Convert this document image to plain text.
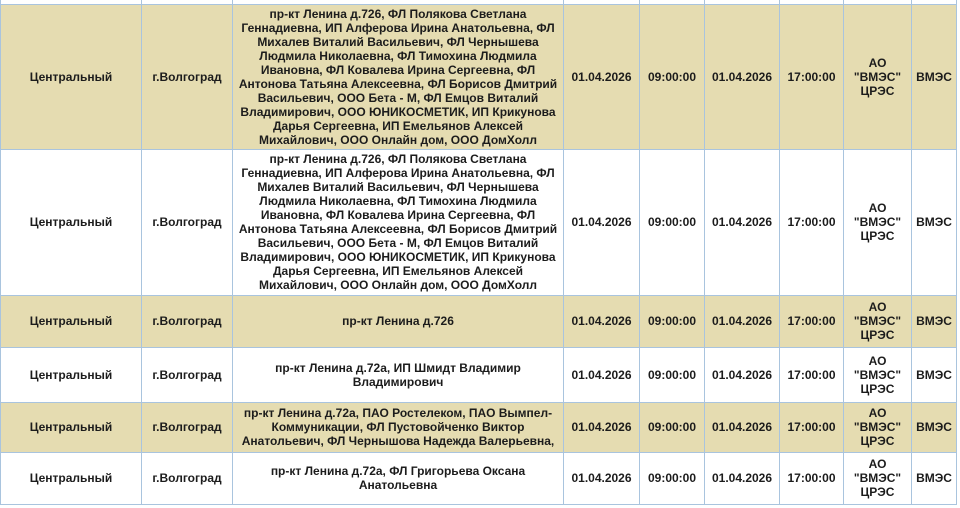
Центральный	г.Волгоград	пр-кт Ленина д.726, ФЛ Полякова Светлана Геннадиевна, ИП Алферова Ирина Анатольевна, ФЛ Михалев Виталий Васильевич, ФЛ Чернышева Людмила Николаевна, ФЛ Тимохина Людмила Ивановна, ФЛ Ковалева Ирина Сергеевна, ФЛ Антонова Татьяна Алексеевна, ФЛ Борисов Дмитрий Васильевич, ООО Бета - М, ФЛ Емцов Виталий Владимирович, ООО ЮНИКОСМЕТИК, ИП Крикунова Дарья Сергеевна, ИП Емельянов Алексей Михайлович, ООО Онлайн дом, ООО ДомХолл	01.04.2026	09:00:00	01.04.2026	17:00:00	АО "ВМЭС" ЦРЭС	ВМЭС
Центральный	г.Волгоград	пр-кт Ленина д.726, ФЛ Полякова Светлана Геннадиевна, ИП Алферова Ирина Анатольевна, ФЛ Михалев Виталий Васильевич, ФЛ Чернышева Людмила Николаевна, ФЛ Тимохина Людмила Ивановна, ФЛ Ковалева Ирина Сергеевна, ФЛ Антонова Татьяна Алексеевна, ФЛ Борисов Дмитрий Васильевич, ООО Бета - М, ФЛ Емцов Виталий Владимирович, ООО ЮНИКОСМЕТИК, ИП Крикунова Дарья Сергеевна, ИП Емельянов Алексей Михайлович, ООО Онлайн дом, ООО ДомХолл	01.04.2026	09:00:00	01.04.2026	17:00:00	АО "ВМЭС" ЦРЭС	ВМЭС
Центральный	г.Волгоград	пр-кт Ленина д.726	01.04.2026	09:00:00	01.04.2026	17:00:00	АО "ВМЭС" ЦРЭС	ВМЭС
Центральный	г.Волгоград	пр-кт Ленина д.72а, ИП Шмидт Владимир Владимирович	01.04.2026	09:00:00	01.04.2026	17:00:00	АО "ВМЭС" ЦРЭС	ВМЭС
Центральный	г.Волгоград	пр-кт Ленина д.72а, ПАО Ростелеком, ПАО Вымпел-Коммуникации, ФЛ Пустовойченко Виктор Анатольевич, ФЛ Чернышова Надежда Валерьевна,	01.04.2026	09:00:00	01.04.2026	17:00:00	АО "ВМЭС" ЦРЭС	ВМЭС
Центральный	г.Волгоград	пр-кт Ленина д.72а, ФЛ Григорьева Оксана Анатольевна	01.04.2026	09:00:00	01.04.2026	17:00:00	АО "ВМЭС" ЦРЭС	ВМЭС
